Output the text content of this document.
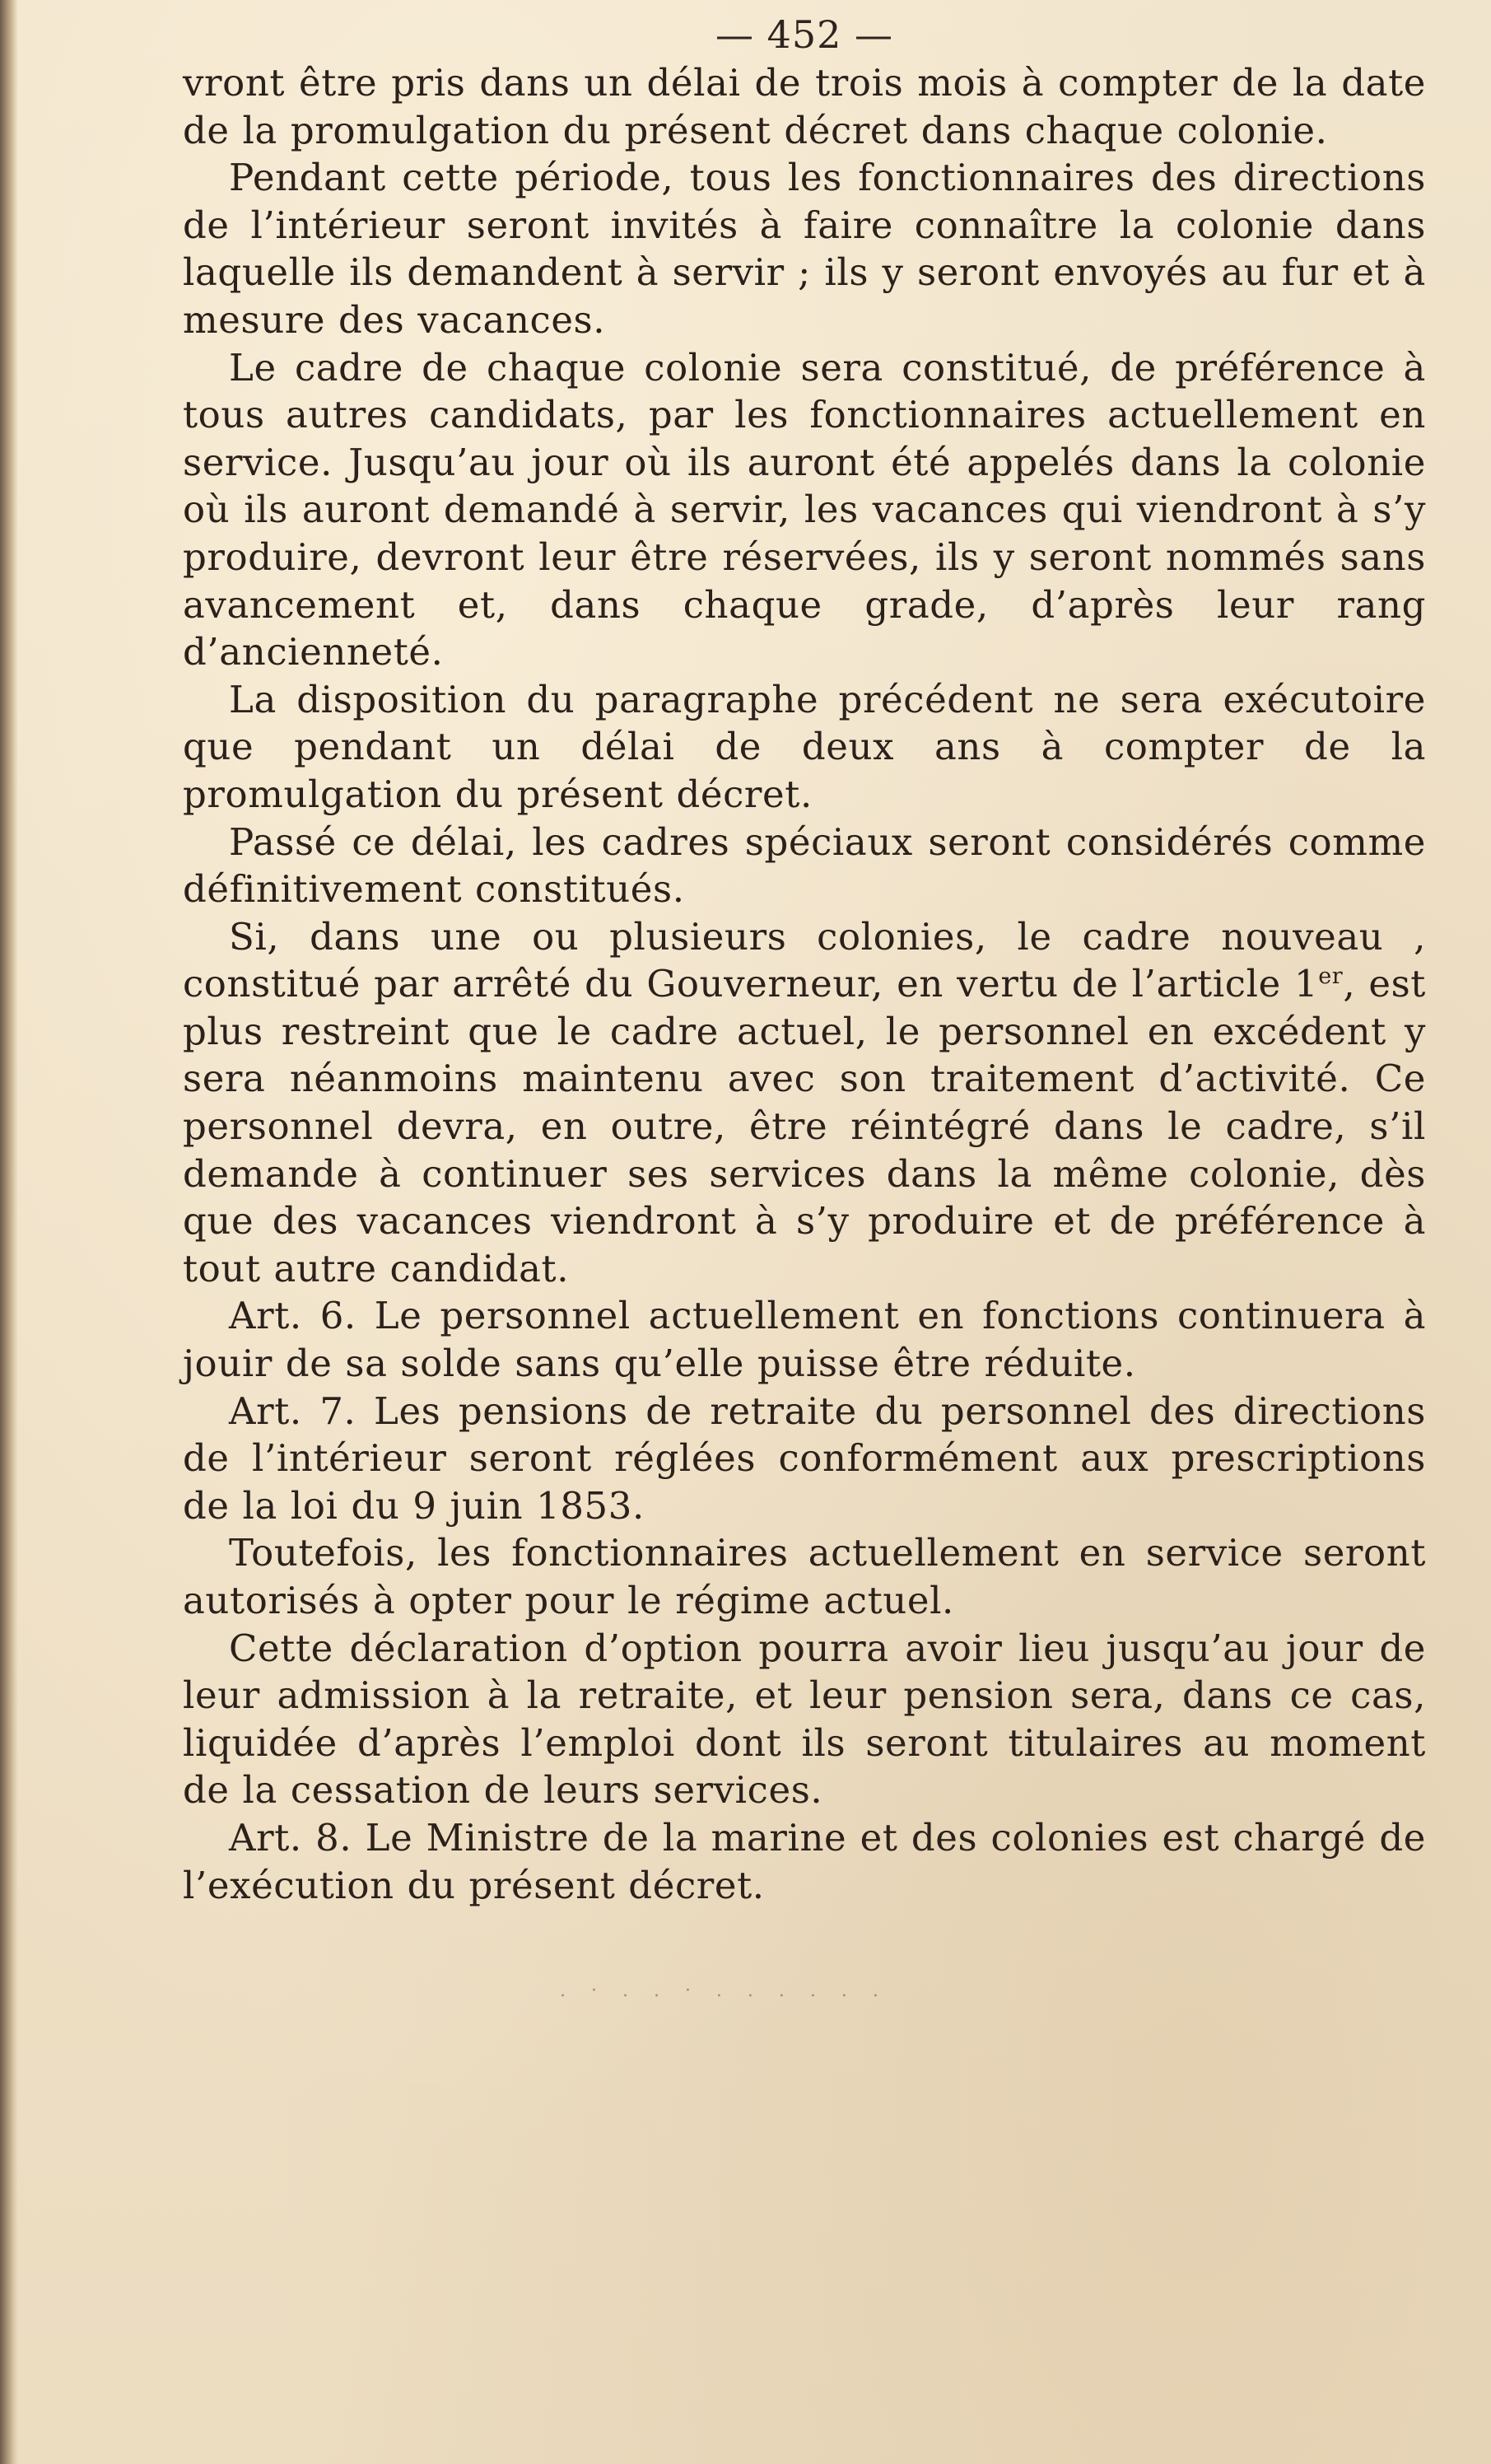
— 452 —

vront être pris dans un délai de trois mois à compter de la date de la promulgation du présent décret dans chaque colonie.

Pendant cette période, tous les fonctionnaires des directions de l’intérieur seront invités à faire connaître la colonie dans laquelle ils demandent à servir ; ils y seront envoyés au fur et à mesure des vacances.

Le cadre de chaque colonie sera constitué, de préférence à tous autres candidats, par les fonctionnaires actuellement en service. Jusqu’au jour où ils auront été appelés dans la colonie où ils auront demandé à servir, les vacances qui viendront à s’y produire, devront leur être réservées, ils y seront nommés sans avancement et, dans chaque grade, d’après leur rang d’ancienneté.

La disposition du paragraphe précédent ne sera exécutoire que pendant un délai de deux ans à compter de la promulgation du présent décret.

Passé ce délai, les cadres spéciaux seront considérés comme définitivement constitués.

Si, dans une ou plusieurs colonies, le cadre nouveau , constitué par arrêté du Gouverneur, en vertu de l’article 1er, est plus restreint que le cadre actuel, le personnel en excédent y sera néanmoins maintenu avec son traitement d’activité. Ce personnel devra, en outre, être réintégré dans le cadre, s’il demande à continuer ses services dans la même colonie, dès que des vacances viendront à s’y produire et de préférence à tout autre candidat.

Art. 6. Le personnel actuellement en fonctions continuera à jouir de sa solde sans qu’elle puisse être réduite.

Art. 7. Les pensions de retraite du personnel des directions de l’intérieur seront réglées conformément aux prescriptions de la loi du 9 juin 1853.

Toutefois, les fonctionnaires actuellement en service seront autorisés à opter pour le régime actuel.

Cette déclaration d’option pourra avoir lieu jusqu’au jour de leur admission à la retraite, et leur pension sera, dans ce cas, liquidée d’après l’emploi dont ils seront titulaires au moment de la cessation de leurs services.

Art. 8. Le Ministre de la marine et des colonies est chargé de l’exécution du présent décret.

. · . . · . . . . . .
